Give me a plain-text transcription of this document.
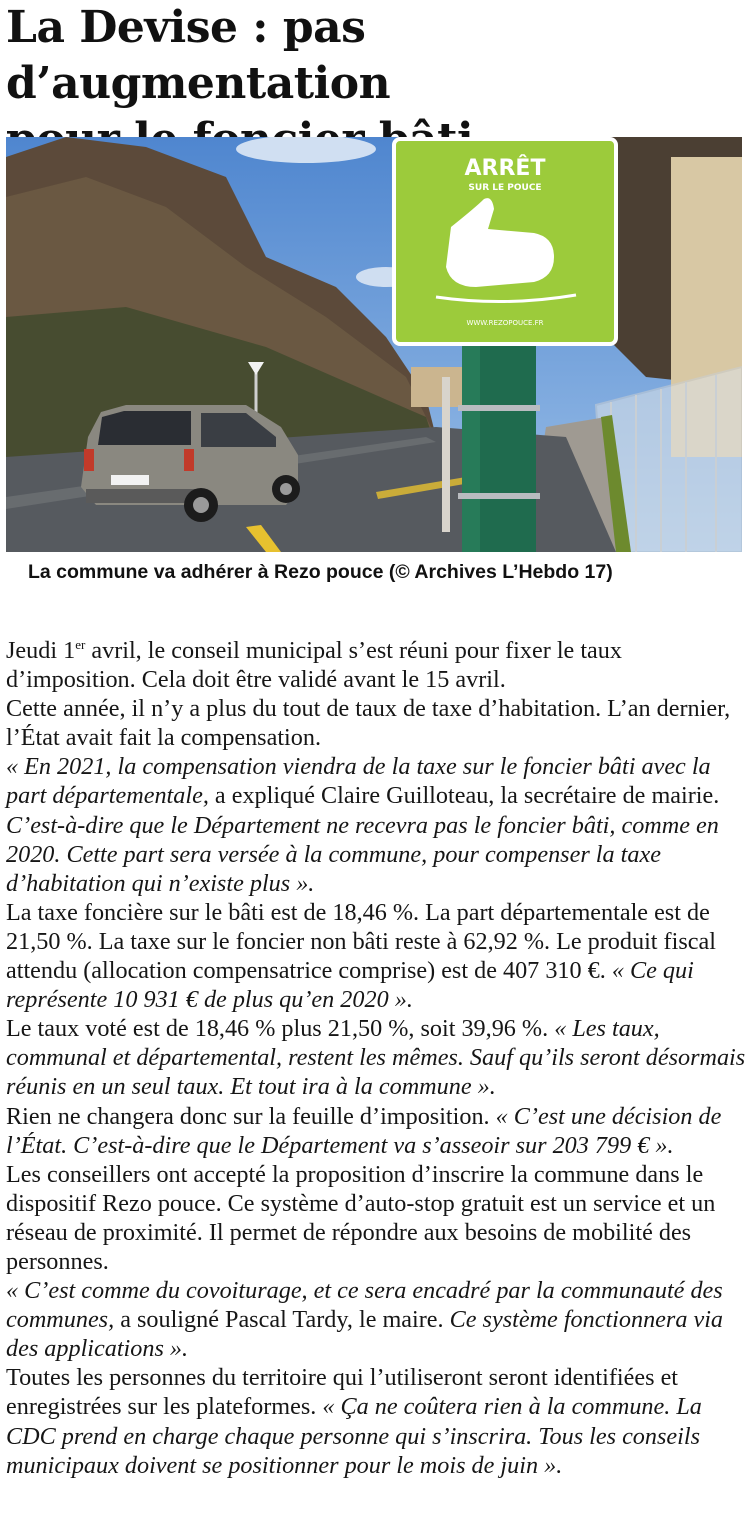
La Devise : pas d’augmentation

ARRÊT
SUR LE POUCE
WWW.REZOPOUCE.FR
La commune va adhérer à Rezo pouce (© Archives L’Hebdo 17)

Jeudi 1er avril, le conseil municipal s’est réuni pour fixer le taux d’imposition. Cela doit être validé avant le 15 avril.

Cette année, il n’y a plus du tout de taux de taxe d’habitation. L’an dernier, l’État avait fait la compensation.

« En 2021, la compensation viendra de la taxe sur le foncier bâti avec la part départementale, a expliqué Claire Guilloteau, la secrétaire de mairie. C’est-à-dire que le Département ne recevra pas le foncier bâti, comme en 2020. Cette part sera versée à la commune, pour compenser la taxe d’habitation qui n’existe plus ».

La taxe foncière sur le bâti est de 18,46 %. La part départementale est de 21,50 %. La taxe sur le foncier non bâti reste à 62,92 %. Le produit fiscal attendu (allocation compensatrice comprise) est de 407 310 €. « Ce qui représente 10 931 € de plus qu’en 2020 ».

Le taux voté est de 18,46 % plus 21,50 %, soit 39,96 %. « Les taux, communal et départemental, restent les mêmes. Sauf qu’ils seront désormais réunis en un seul taux. Et tout ira à la commune ».

Rien ne changera donc sur la feuille d’imposition. « C’est une décision de l’État. C’est-à-dire que le Département va s’asseoir sur 203 799 € ».

Les conseillers ont accepté la proposition d’inscrire la commune dans le dispositif Rezo pouce. Ce système d’auto-stop gratuit est un service et un réseau de proximité. Il permet de répondre aux besoins de mobilité des personnes.

« C’est comme du covoiturage, et ce sera encadré par la communauté des communes, a souligné Pascal Tardy, le maire. Ce système fonctionnera via des applications ».

Toutes les personnes du territoire qui l’utiliseront seront identifiées et enregistrées sur les plateformes. « Ça ne coûtera rien à la commune. La CDC prend en charge chaque personne qui s’inscrira. Tous les conseils municipaux doivent se positionner pour le mois de juin ».
